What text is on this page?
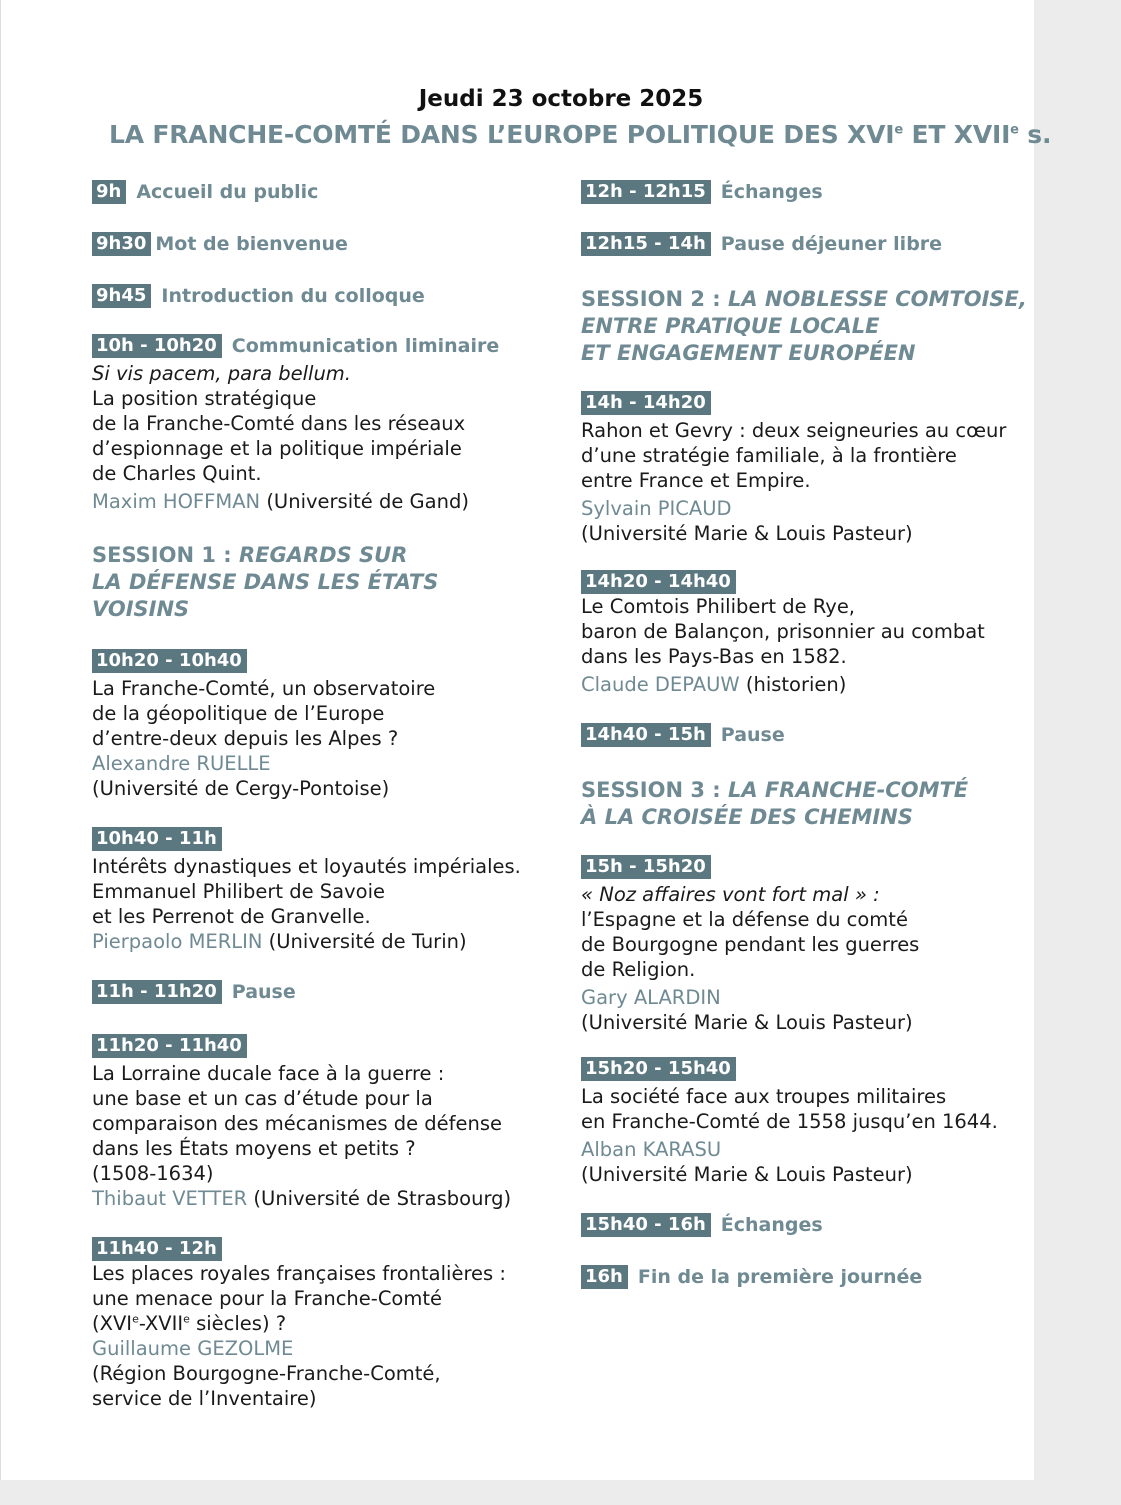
Jeudi 23 octobre 2025
LA FRANCHE-COMTÉ DANS L’EUROPE POLITIQUE DES XVIe ET XVIIe s.
9h Accueil du public
9h30 Mot de bienvenue
9h45 Introduction du colloque
10h - 10h20 Communication liminaire
Si vis pacem, para bellum.
La position stratégique
de la Franche-Comté dans les réseaux
d’espionnage et la politique impériale
de Charles Quint.
Maxim HOFFMAN (Université de Gand)
SESSION 1 : REGARDS SUR
LA DÉFENSE DANS LES ÉTATS VOISINS
10h20 - 10h40
La Franche-Comté, un observatoire
de la géopolitique de l’Europe
d’entre-deux depuis les Alpes ?
Alexandre RUELLE
(Université de Cergy-Pontoise)
10h40 - 11h
Intérêts dynastiques et loyautés impériales.
Emmanuel Philibert de Savoie
et les Perrenot de Granvelle.
Pierpaolo MERLIN (Université de Turin)
11h - 11h20 Pause
11h20 - 11h40
La Lorraine ducale face à la guerre :
une base et un cas d’étude pour la
comparaison des mécanismes de défense
dans les États moyens et petits ?
(1508-1634)
Thibaut VETTER (Université de Strasbourg)
11h40 - 12h
Les places royales françaises frontalières :
une menace pour la Franche-Comté
(XVIe-XVIIe siècles) ?
Guillaume GEZOLME
(Région Bourgogne-Franche-Comté,
service de l’Inventaire)
12h - 12h15 Échanges
12h15 - 14h Pause déjeuner libre
SESSION 2 : LA NOBLESSE COMTOISE,
ENTRE PRATIQUE LOCALE
ET ENGAGEMENT EUROPÉEN
14h - 14h20
Rahon et Gevry : deux seigneuries au cœur
d’une stratégie familiale, à la frontière
entre France et Empire.
Sylvain PICAUD
(Université Marie & Louis Pasteur)
14h20 - 14h40
Le Comtois Philibert de Rye,
baron de Balançon, prisonnier au combat
dans les Pays-Bas en 1582.
Claude DEPAUW (historien)
14h40 - 15h Pause
SESSION 3 : LA FRANCHE-COMTÉ
À LA CROISÉE DES CHEMINS
15h - 15h20
« Noz affaires vont fort mal » :
l’Espagne et la défense du comté
de Bourgogne pendant les guerres
de Religion.
Gary ALARDIN
(Université Marie & Louis Pasteur)
15h20 - 15h40
La société face aux troupes militaires
en Franche-Comté de 1558 jusqu’en 1644.
Alban KARASU
(Université Marie & Louis Pasteur)
15h40 - 16h Échanges
16h Fin de la première journée
